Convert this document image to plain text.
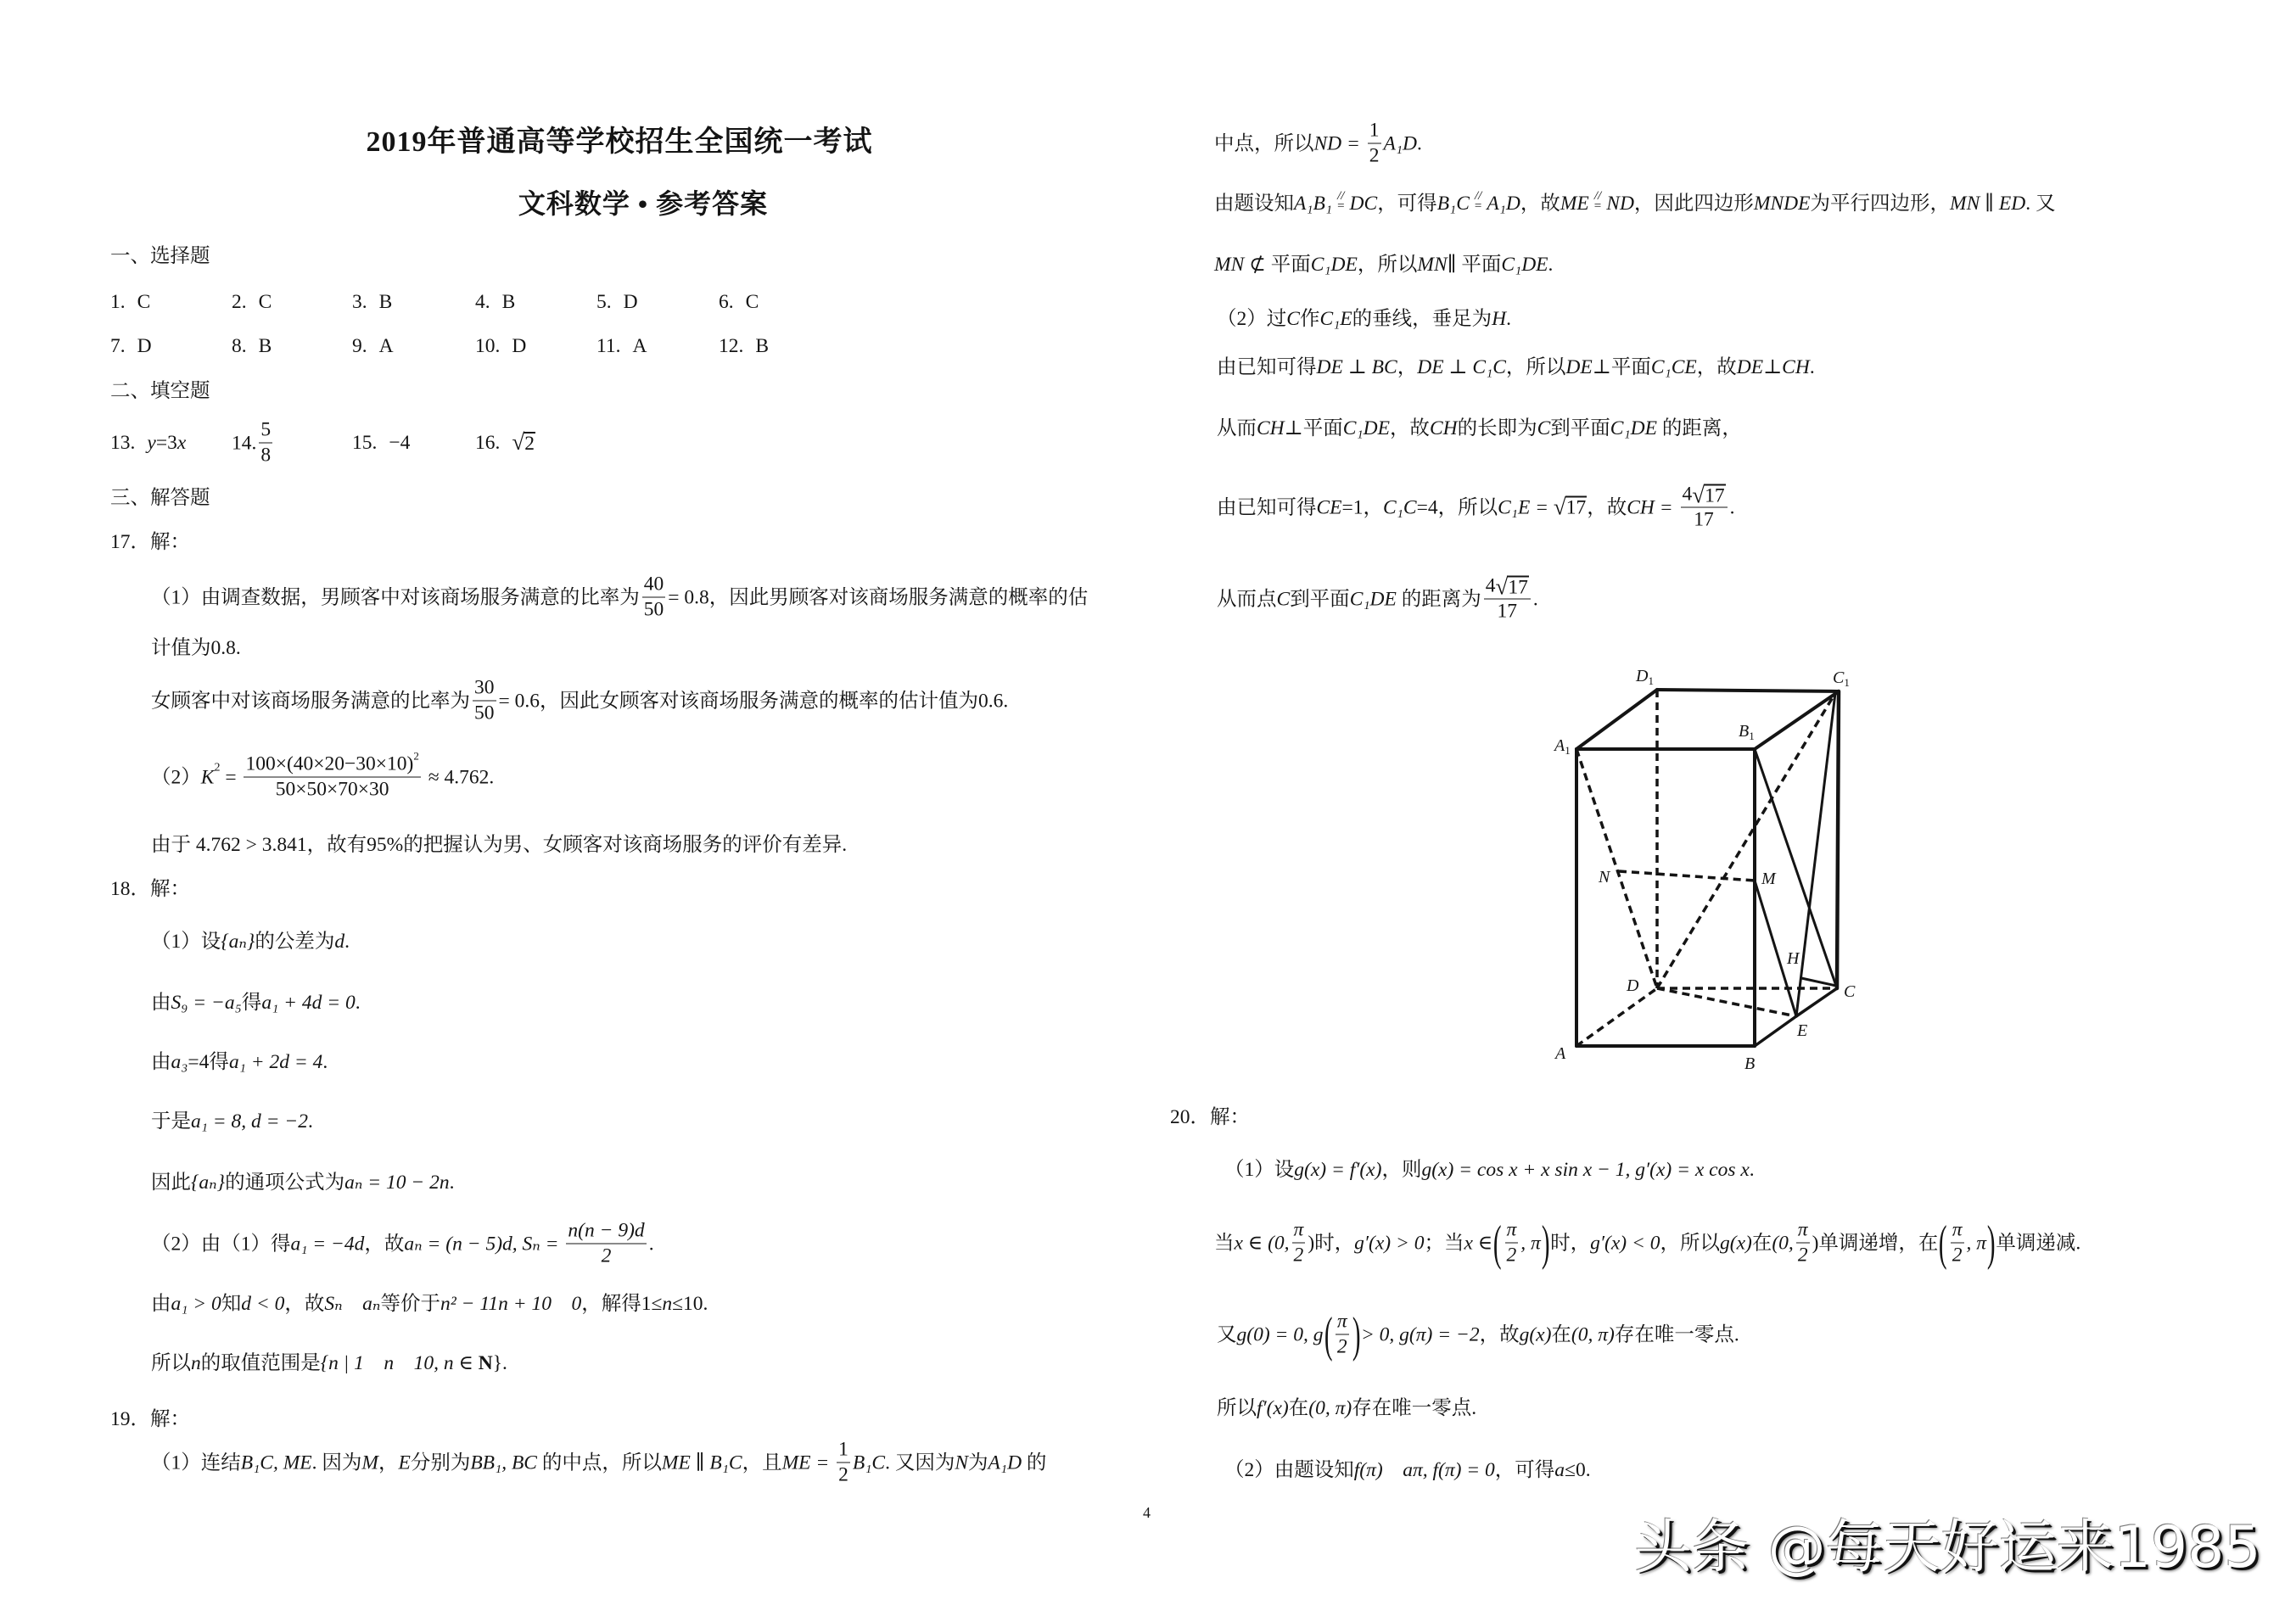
2019年普通高等学校招生全国统一考试
文科数学 • 参考答案
一、选择题
1. C	2. C	3. B	4. B	5. D	6. C
7. D	8. B	9. A	10. D	11. A	12. B
二、填空题
13. y =3 x 14. $\frac{5}{8}$	15. −4	16. √ 2
三、解答题
17．解：
（1）由调查数据，男顾客中对该商场服务满意的比率为 $\frac{40}{50} = 0.8$，因此男顾客对该商场服务满意的概率的估
计值为0.8.
女顾客中对该商场服务满意的比率为 $\frac{30}{50} = 0.6$，因此女顾客对该商场服务满意的概率的估计值为0.6.
（2） K $2 = \frac{100\times(40\times 20-30\times 10) 2}{50\times 50\times 70\times 30} \approx 4.762$.
由于 4.762 > 3.841 ，故有95%的把握认为男、女顾客对该商场服务的评价有差异.
18．解：
（1）设 {aₙ} 的公差为 d .
由 S₉ = −a₅ 得 a₁ + 4d = 0 .
由 a₃ =4得 a₁ + 2d = 4 .
于是 a₁ = 8, d = −2 .
因此 {aₙ} 的通项公式为 aₙ = 10 − 2n .
（2）由（1）得 a₁ = −4d ，故 aₙ = (n − 5)d, $S_n = \frac{n(n - 9)d}{2}$ .
由 a₁ > 0 知 d < 0 ，故 Sₙ    aₙ 等价于 n² − 11n + 10    0 ，解得1≤ n ≤10.
所以 n 的取值范围是 {n | 1    n    10, n ∈ N } .
19．解：
（1）连结 B₁C, ME . 因为 M ， E 分别为 BB₁, BC 的中点，所以 ME ∥ B₁C ，且 ME = $\frac{1}{2} B_1C$ . 又因为 N 为 A₁D 的
中点，所以 ND = $\frac{1}{2} A_1D$ .
由题设知 A₁B₁ //
= DC ，可得 B₁C //
= A₁D ，故 ME //
= ND ，因此四边形 MNDE 为平行四边形， MN ∥ ED . 又
MN ⊄ 平面 C₁DE ，所以 MN ∥ 平面 C₁DE .
（2）过 C 作 C₁E 的垂线，垂足为 H .
由已知可得 DE ⊥ BC ， DE ⊥ C₁C ，所以 DE ⊥平面 C₁CE ，故 DE ⊥ CH .
从而 CH ⊥平面 C₁DE ，故 CH 的长即为 C 到平面 C₁DE 的距离，
由已知可得 CE =1， C₁C =4，所以 C₁E = √ 17 ，故 CH = $\frac{4 √ 17}{17}$ .
从而点 C 到平面 C₁DE 的距离为 $\frac{4 √ 17}{17}$ .
$D_1$	$C_1$
$A_1$
$B_1$
N	M
H
D	C
E
A
B
20．解：
（1）设 g(x) = f′(x) ，则 g(x) = cos x + x sin x − 1, g′(x) = x cos x .
当 x ∈ (0, $\frac{\pi}{2}$ ) 时， g′(x) > 0 ；当 x ∈ ( $\frac{\pi}{2}$ , π ) 时， g′(x) < 0 ，所以 g(x) 在 (0, $\frac{\pi}{2}$ ) 单调递增，在 ( $\frac{\pi}{2}$ , π ) 单调递减.
又 g(0) = 0, g ( $\frac{\pi}{2}$ ) > 0, g(π) = −2 ，故 g(x) 在 (0, π) 存在唯一零点.
所以 f′(x) 在 (0, π) 存在唯一零点.
（2）由题设知 f(π)    aπ, f(π) = 0 ，可得 a ≤0.
4
头条 @每天好运来1985
